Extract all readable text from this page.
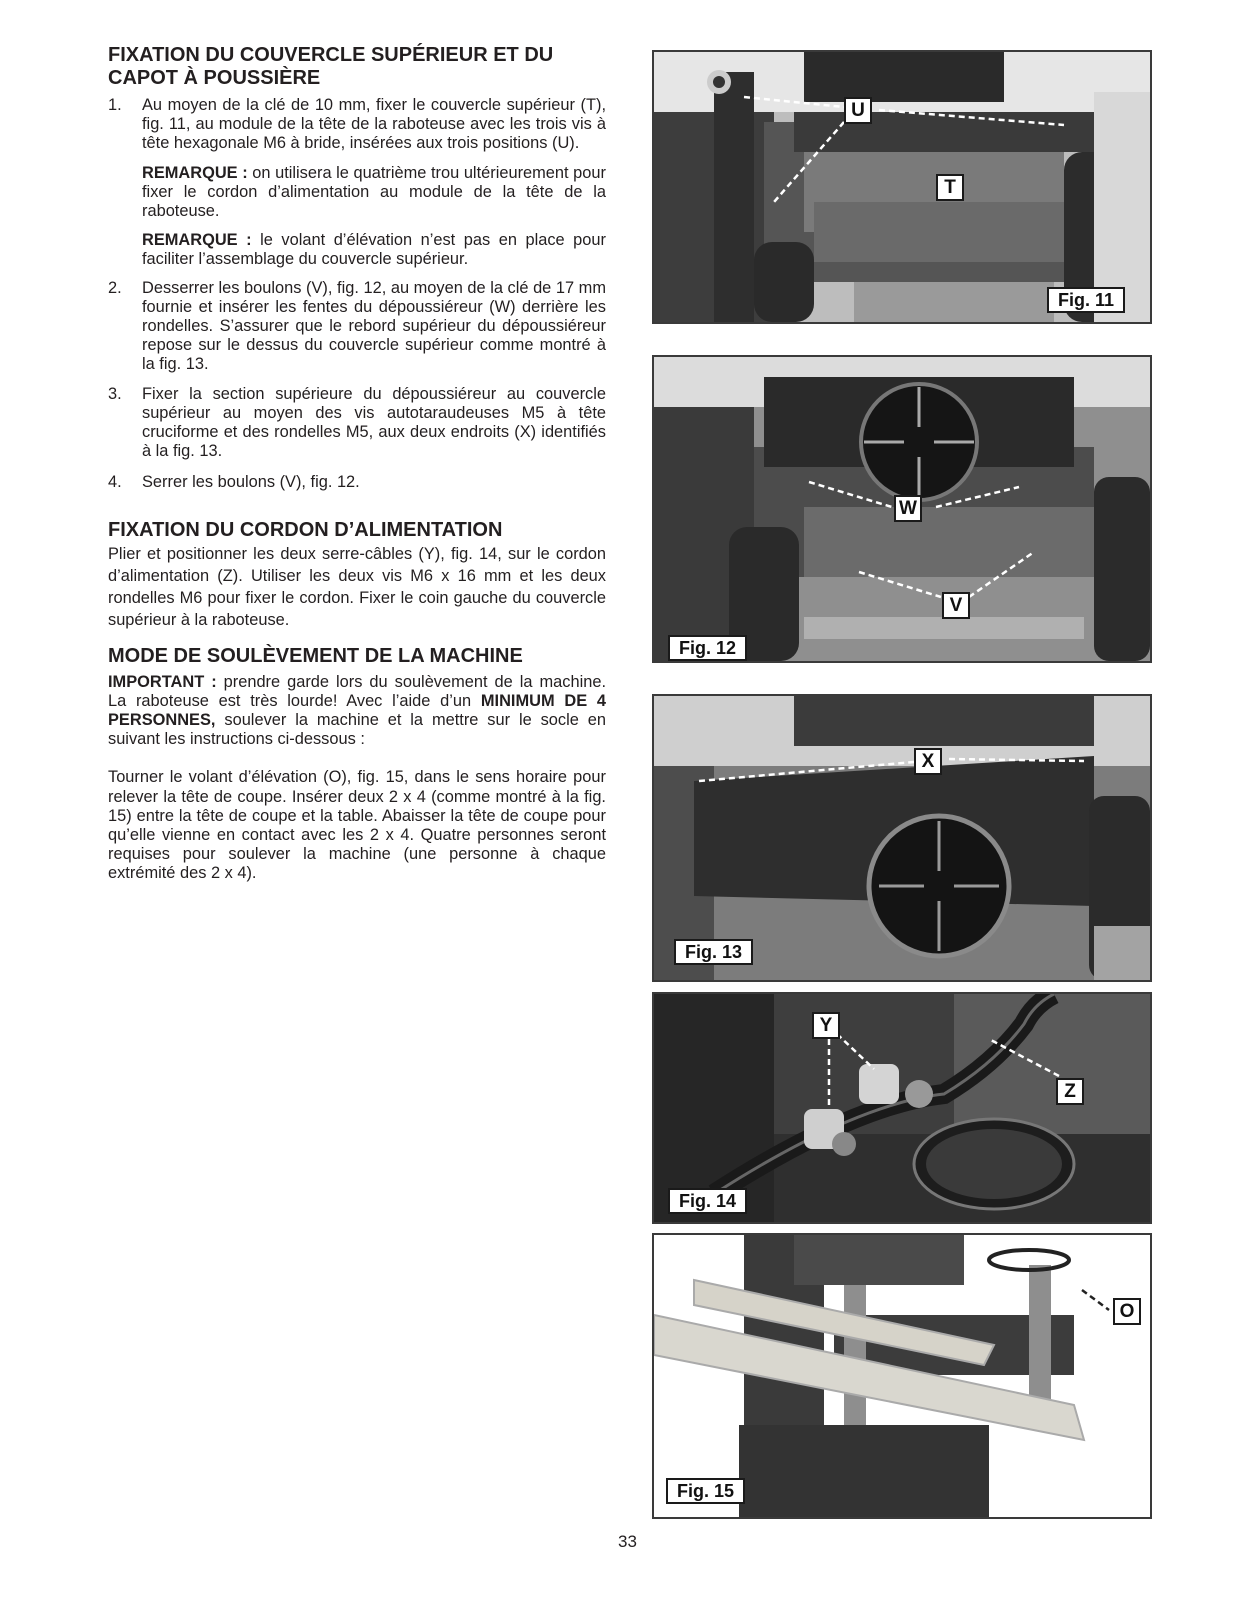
FIXATION DU COUVERCLE SUPÉRIEUR ET DU
CAPOT À POUSSIÈRE
1.	Au moyen de la clé de 10 mm, fixer le couvercle supérieur (T), fig. 11, au module de la tête de la raboteuse avec les trois vis à tête hexagonale M6 à bride, insérées aux trois positions (U).
REMARQUE : on utilisera le quatrième trou ultérieurement pour fixer le cordon d’alimentation au module de la tête de la raboteuse.
REMARQUE : le volant d’élévation n’est pas en place pour faciliter l’assemblage du couvercle supérieur.
2.	Desserrer les boulons (V), fig. 12, au moyen de la clé de 17 mm fournie et insérer les fentes du dépoussiéreur (W) derrière les rondelles. S’assurer que le rebord supérieur du dépoussiéreur repose sur le dessus du couvercle supérieur comme montré à la fig. 13.
3.	Fixer la section supérieure du dépoussiéreur au couvercle supérieur au moyen des vis autotaraudeuses M5 à tête cruciforme et des rondelles M5, aux deux endroits (X) identifiés à la fig. 13.
4.	Serrer les boulons (V), fig. 12.
FIXATION DU CORDON D’ALIMENTATION

Plier et positionner les deux serre-câbles (Y), fig. 14, sur le cordon d’alimentation (Z). Utiliser les deux vis M6 x 16 mm et les deux rondelles M6 pour fixer le cordon. Fixer le coin gauche du couvercle supérieur à la raboteuse.

MODE DE SOULÈVEMENT DE LA MACHINE

IMPORTANT : prendre garde lors du soulèvement de la machine. La raboteuse est très lourde! Avec l’aide d’un MINIMUM DE 4 PERSONNES, soulever la machine et la mettre sur le socle en suivant les instructions ci-dessous :

Tourner le volant d’élévation (O), fig. 15, dans le sens horaire pour relever la tête de coupe. Insérer deux 2 x 4 (comme montré à la fig. 15) entre la tête de coupe et la table. Abaisser la tête de coupe pour qu’elle vienne en contact avec les 2 x 4. Quatre personnes seront requises pour soulever la machine (une personne à chaque extrémité des 2 x 4).

U
T
Fig. 11
W
V
Fig. 12
X
Fig. 13
Y
Z
Fig. 14
O
Fig. 15
33
